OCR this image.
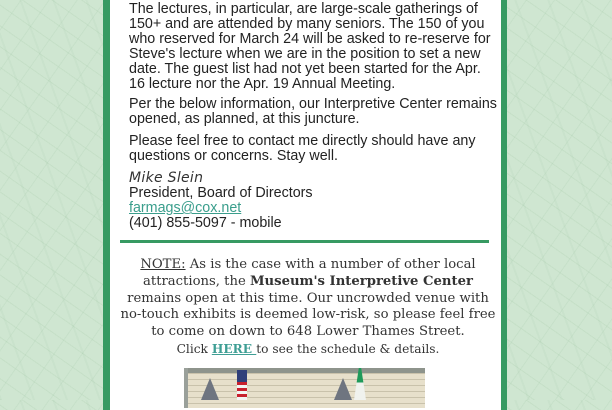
The lectures, in particular, are large-scale gatherings of 150+ and are attended by many seniors. The 150 of you who reserved for March 24 will be asked to re-reserve for Steve's lecture when we are in the position to set a new date. The guest list had not yet been started for the Apr. 16 lecture nor the Apr. 19 Annual Meeting.

Per the below information, our Interpretive Center remains opened, as planned, at this juncture.

Please feel free to contact me directly should have any questions or concerns. Stay well.

Mike Slein
President, Board of Directors
farmags@cox.net
(401) 855-5097 - mobile
NOTE: As is the case with a number of other local attractions, the Museum's Interpretive Center remains open at this time. Our uncrowded venue with no-touch exhibits is deemed low-risk, so please feel free to come on down to 648 Lower Thames Street.
Click HERE to see the schedule & details.
